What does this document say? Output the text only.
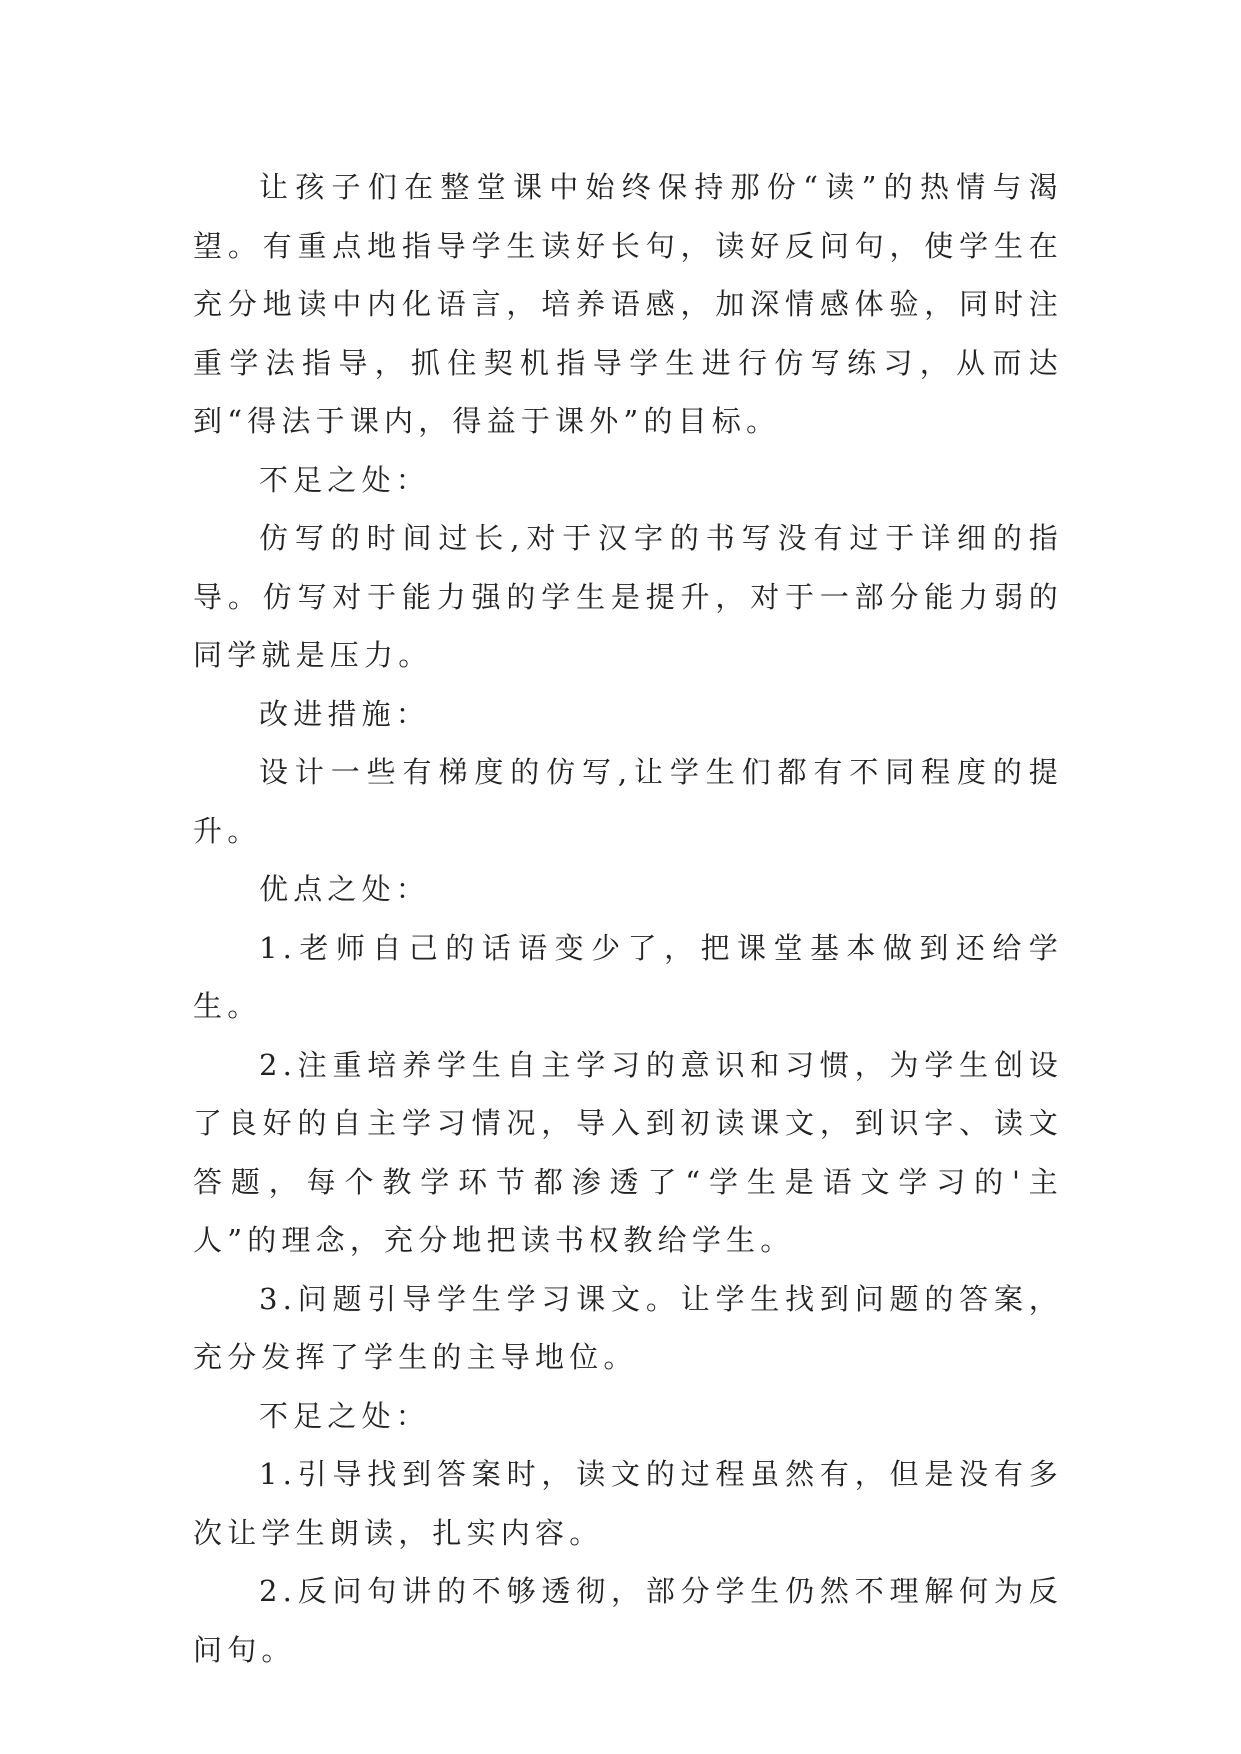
让孩子们在整堂课中始终保持那份“读”的热情与渴望。有重点地指导学生读好长句，读好反问句，使学生在充分地读中内化语言，培养语感，加深情感体验，同时注重学法指导，抓住契机指导学生进行仿写练习，从而达到“得法于课内，得益于课外”的目标。

不足之处：

仿写的时间过长,对于汉字的书写没有过于详细的指导。仿写对于能力强的学生是提升，对于一部分能力弱的同学就是压力。

改进措施：

设计一些有梯度的仿写,让学生们都有不同程度的提升。

优点之处：

1.老师自己的话语变少了，把课堂基本做到还给学生。

2.注重培养学生自主学习的意识和习惯，为学生创设了良好的自主学习情况，导入到初读课文，到识字、读文答题，每个教学环节都渗透了“学生是语文学习的'主人”的理念，充分地把读书权教给学生。

3.问题引导学生学习课文。让学生找到问题的答案，充分发挥了学生的主导地位。

不足之处：

1.引导找到答案时，读文的过程虽然有，但是没有多次让学生朗读，扎实内容。

2.反问句讲的不够透彻，部分学生仍然不理解何为反问句。
